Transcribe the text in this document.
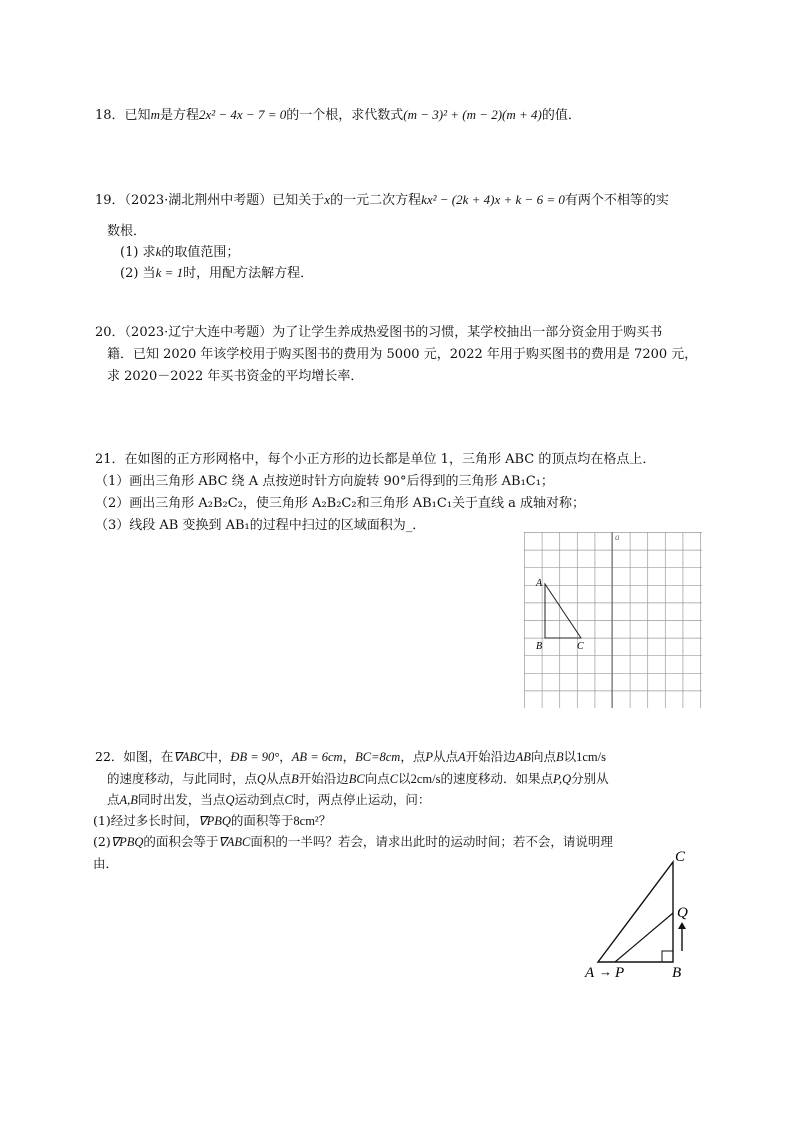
18．已知m是方程2x² − 4x − 7 = 0的一个根，求代数式(m − 3)² + (m − 2)(m + 4)的值．
19．（2023·湖北荆州中考题）已知关于x的一元二次方程kx² − (2k + 4)x + k − 6 = 0有两个不相等的实
数根．
(1) 求k的取值范围；
(2) 当k = 1时，用配方法解方程．
20．（2023·辽宁大连中考题）为了让学生养成热爱图书的习惯，某学校抽出一部分资金用于购买书
籍．已知 2020 年该学校用于购买图书的费用为 5000 元，2022 年用于购买图书的费用是 7200 元，
求 2020－2022 年买书资金的平均增长率．
21．在如图的正方形网格中，每个小正方形的边长都是单位 1，三角形 ABC 的顶点均在格点上．
（1）画出三角形 ABC 绕 A 点按逆时针方向旋转 90°后得到的三角形 AB₁C₁；
（2）画出三角形 A₂B₂C₂，使三角形 A₂B₂C₂和三角形 AB₁C₁关于直线 a 成轴对称；
（3）线段 AB 变换到 AB₁的过程中扫过的区域面积为_．
a
A
B	C
22．如图，在∇ABC中，ÐB = 90°，AB = 6cm，BC=8cm，点P从点A开始沿边AB向点B以1cm/s
的速度移动，与此同时，点Q从点B开始沿边BC向点C以2cm/s的速度移动．如果点P,Q分别从
点A,B同时出发，当点Q运动到点C时，两点停止运动，问：
(1)经过多长时间，∇PBQ的面积等于8cm²？
(2)∇PBQ的面积会等于∇ABC面积的一半吗？若会，请求出此时的运动时间；若不会，请说明理
由．	C
Q
A → P	B
